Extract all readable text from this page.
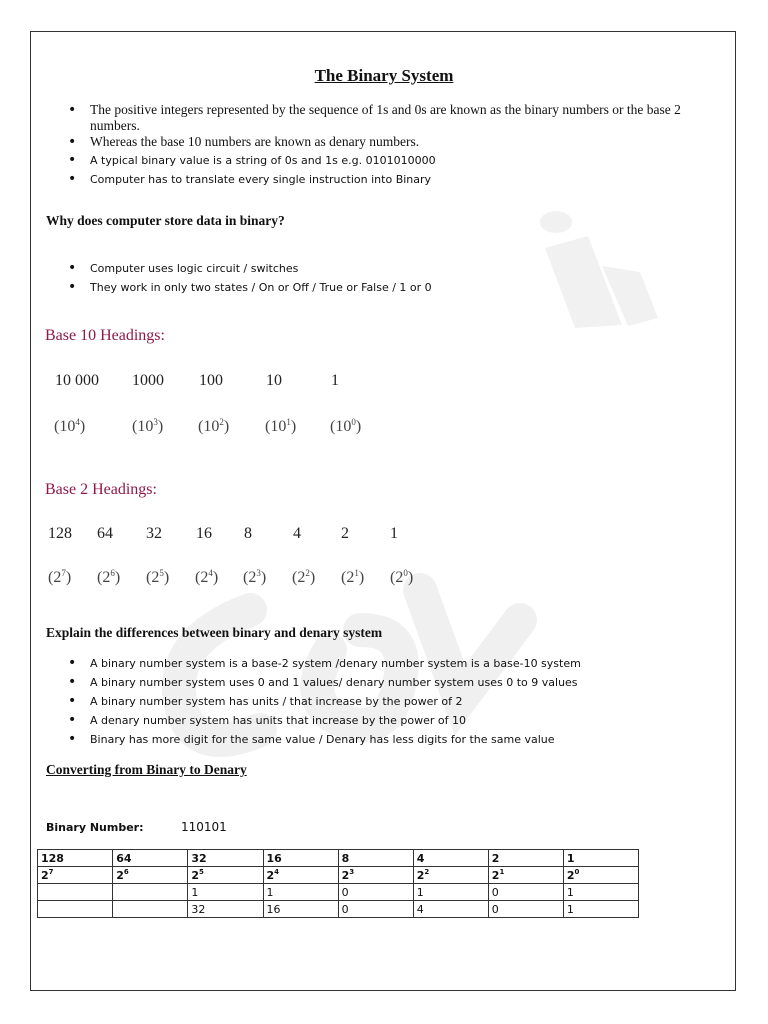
The Binary System
• The positive integers represented by the sequence of 1s and 0s are known as the binary numbers or the base 2 numbers.
• Whereas the base 10 numbers are known as denary numbers.
• A typical binary value is a string of 0s and 1s e.g. 0101010000
• Computer has to translate every single instruction into Binary
Why does computer store data in binary?
• Computer uses logic circuit / switches
• They work in only two states / On or Off / True or False / 1 or 0
Base 10 Headings:
10 000 1000 100	10	1
$(10^4)$	$(10^3)$ $(10^2)$ $(10^1)$ $(10^0)$
Base 2 Headings:
128 64 32 16 8	4	2	1
$(2^7)$ $(2^6)$ $(2^5)$ $(2^4)$ $(2^3)$ $(2^2)$ $(2^1)$ $(2^0)$
Explain the differences between binary and denary system
• A binary number system is a base-2 system /denary number system is a base-10 system
• A binary number system uses 0 and 1 values/ denary number system uses 0 to 9 values
• A binary number system has units / that increase by the power of 2
• A denary number system has units that increase by the power of 10
• Binary has more digit for the same value / Denary has less digits for the same value
Converting from Binary to Denary
Binary Number:	110101
128	64	32	16	8	4	2	1
$2^7$	$2^6$	$2^5$	$2^4$	$2^3$	$2^2$	$2^1$	$2^0$
		1	1	0	1	0	1
		32	16	0	4	0	1
